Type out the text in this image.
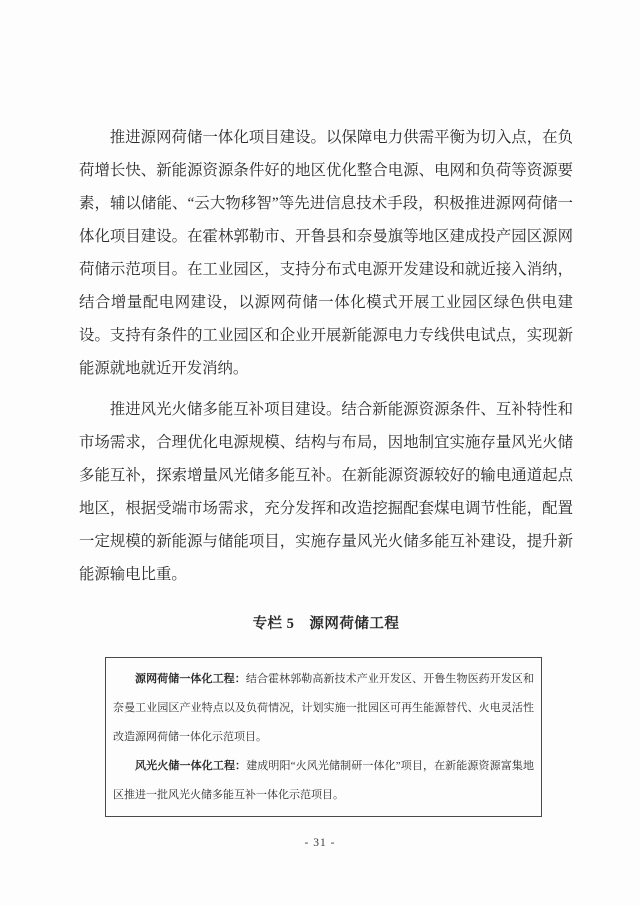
推进源网荷储一体化项目建设。以保障电力供需平衡为切入点，在负荷增长快、新能源资源条件好的地区优化整合电源、电网和负荷等资源要素，辅以储能、“云大物移智”等先进信息技术手段，积极推进源网荷储一体化项目建设。在霍林郭勒市、开鲁县和奈曼旗等地区建成投产园区源网荷储示范项目。在工业园区，支持分布式电源开发建设和就近接入消纳，结合增量配电网建设，以源网荷储一体化模式开展工业园区绿色供电建设。支持有条件的工业园区和企业开展新能源电力专线供电试点，实现新能源就地就近开发消纳。

推进风光火储多能互补项目建设。结合新能源资源条件、互补特性和市场需求，合理优化电源规模、结构与布局，因地制宜实施存量风光火储多能互补，探索增量风光储多能互补。在新能源资源较好的输电通道起点地区，根据受端市场需求，充分发挥和改造挖掘配套煤电调节性能，配置一定规模的新能源与储能项目，实施存量风光火储多能互补建设，提升新能源输电比重。

专栏 5　源网荷储工程

源网荷储一体化工程：结合霍林郭勒高新技术产业开发区、开鲁生物医药开发区和奈曼工业园区产业特点以及负荷情况，计划实施一批园区可再生能源替代、火电灵活性改造源网荷储一体化示范项目。

风光火储一体化工程：建成明阳“火风光储制研一体化”项目，在新能源资源富集地区推进一批风光火储多能互补一体化示范项目。

- 31 -
